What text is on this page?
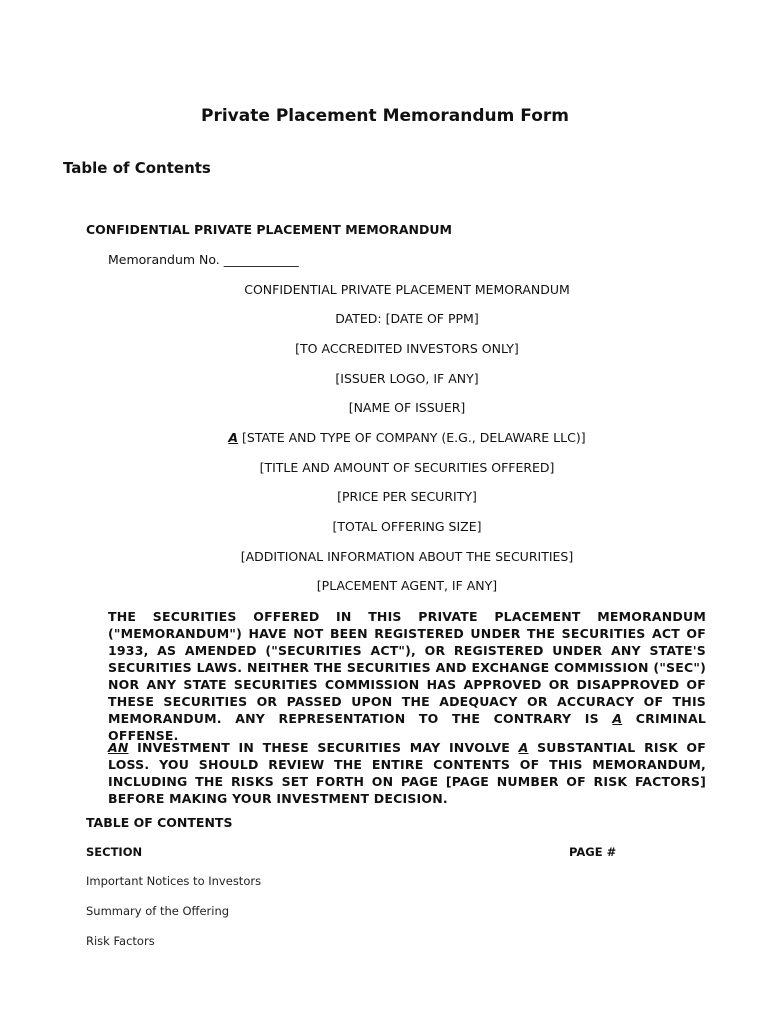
Private Placement Memorandum Form
Table of Contents
CONFIDENTIAL PRIVATE PLACEMENT MEMORANDUM
Memorandum No. ____________
CONFIDENTIAL PRIVATE PLACEMENT MEMORANDUM
DATED: [DATE OF PPM]
[TO ACCREDITED INVESTORS ONLY]
[ISSUER LOGO, IF ANY]
[NAME OF ISSUER]
A [STATE AND TYPE OF COMPANY (E.G., DELAWARE LLC)]
[TITLE AND AMOUNT OF SECURITIES OFFERED]
[PRICE PER SECURITY]
[TOTAL OFFERING SIZE]
[ADDITIONAL INFORMATION ABOUT THE SECURITIES]
[PLACEMENT AGENT, IF ANY]

THE SECURITIES OFFERED IN THIS PRIVATE PLACEMENT MEMORANDUM ("MEMORANDUM") HAVE NOT BEEN REGISTERED UNDER THE SECURITIES ACT OF 1933, AS AMENDED ("SECURITIES ACT"), OR REGISTERED UNDER ANY STATE'S SECURITIES LAWS. NEITHER THE SECURITIES AND EXCHANGE COMMISSION ("SEC") NOR ANY STATE SECURITIES COMMISSION HAS APPROVED OR DISAPPROVED OF THESE SECURITIES OR PASSED UPON THE ADEQUACY OR ACCURACY OF THIS MEMORANDUM. ANY REPRESENTATION TO THE CONTRARY IS A CRIMINAL OFFENSE.

AN INVESTMENT IN THESE SECURITIES MAY INVOLVE A SUBSTANTIAL RISK OF LOSS. YOU SHOULD REVIEW THE ENTIRE CONTENTS OF THIS MEMORANDUM, INCLUDING THE RISKS SET FORTH ON PAGE [PAGE NUMBER OF RISK FACTORS] BEFORE MAKING YOUR INVESTMENT DECISION.

TABLE OF CONTENTS
SECTION	PAGE #
Important Notices to Investors
Summary of the Offering
Risk Factors
